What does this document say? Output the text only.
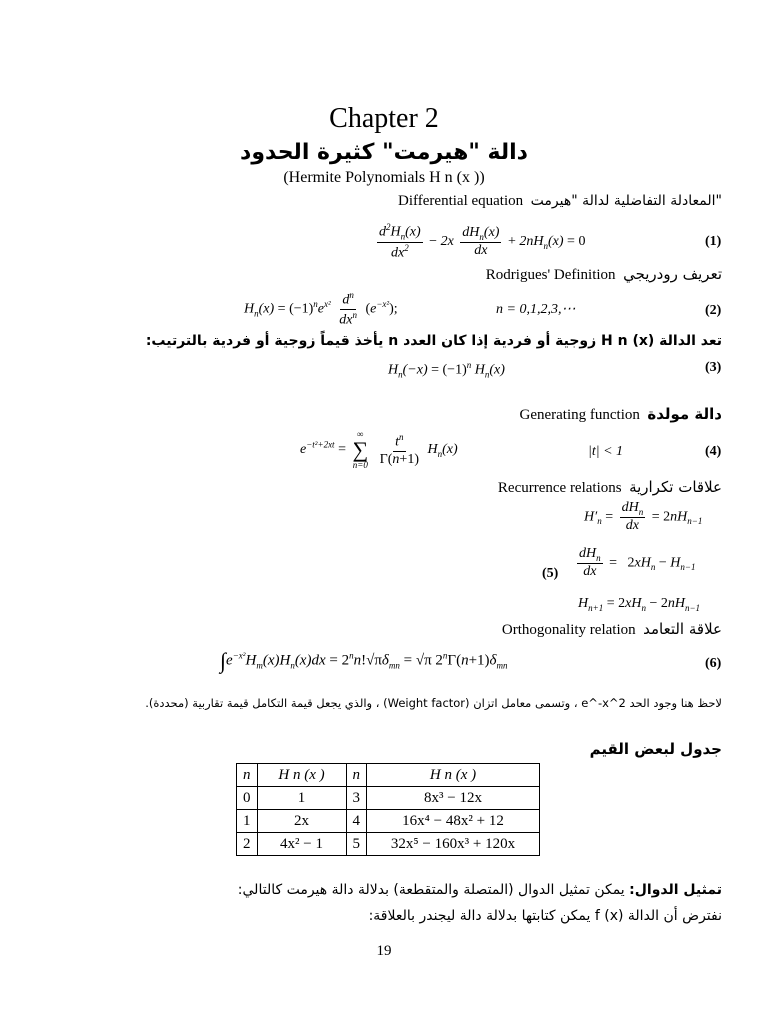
Chapter 2
دالة "هيرمت" كثيرة الحدود
(Hermite Polynomials H n (x ))
Differential equation المعادلة التفاضلية لدالة "هيرمت"
$\frac{d^2H_n(x)}{dx^2} - 2x \frac{dH_n(x)}{dx} + 2nH_n(x) = 0$	(1)
Rodrigues' Definition تعريف رودريجي
$H_n(x) = (-1)^ne^{x^2} \frac{d^n}{dx^n} (e^{-x^2})$;	n = 0,1,2,3,⋯	(2)
تعد الدالة H n (x) زوجية أو فردية إذا كان العدد n يأخذ قيماً زوجية أو فردية بالترتيب:
$H_n(-x) = (-1)^n$ $H_n(x)$	(3)
Generating function دالة مولدة
$e^{-t^2+2xt}$ =
∞
∑
n=0
$\frac{t^n}{\Gamma(n+1)} H_n(x)$	|t| < 1	(4)
Recurrence relations علاقات تكرارية
$H'_n = \frac{dH_n}{dx} = 2nH_{n-1}$
$\frac{dH_n}{dx} = 2xH_n - H_{n-1}$
(5)
$H_{n+1} = 2xH_n - 2nH_{n-1}$
Orthogonality relation علاقة التعامد
$\int e^{-x^2}H_m(x)H_n(x)dx = 2^nn!√\pi\delta_{mn} = √\pi$ $2^n\Gamma(n+1)\delta_{mn}$	(6)
لاحظ هنا وجود الحد e^-x^2 ، وتسمى معامل اتزان (Weight factor) ، والذي يجعل قيمة التكامل قيمة تقاربية (محددة).
جدول لبعض القيم
n	H n (x )	n	H n (x )
0	1	3	8x³ − 12x
1	2x	4	16x⁴ − 48x² + 12
2	4x² − 1	5	32x⁵ − 160x³ + 120x
تمثيل الدوال: يمكن تمثيل الدوال (المتصلة والمتقطعة) بدلالة دالة هيرمت كالتالي:
نفترض أن الدالة f (x) يمكن كتابتها بدلالة دالة ليجندر بالعلاقة:
19
